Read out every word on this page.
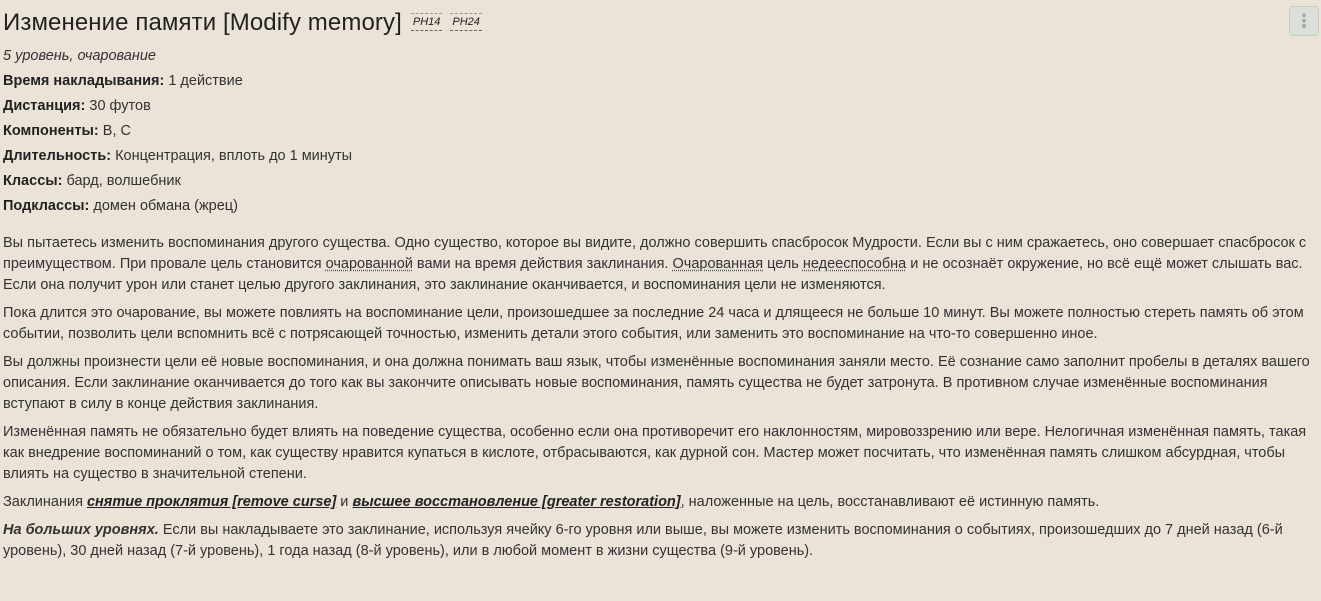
Изменение памяти [Modify memory] PH14 PH24	⋮
5 уровень, очарование
Время накладывания: 1 действие
Дистанция: 30 футов
Компоненты: В, С
Длительность: Концентрация, вплоть до 1 минуты
Классы: бард, волшебник
Подклассы: домен обмана (жрец)

Вы пытаетесь изменить воспоминания другого существа. Одно существо, которое вы видите, должно совершить спасбросок Мудрости. Если вы с ним сражаетесь, оно совершает спасбросок с преимуществом. При провале цель становится очарованной вами на время действия заклинания. Очарованная цель недееспособна и не осознаёт окружение, но всё ещё может слышать вас. Если она получит урон или станет целью другого заклинания, это заклинание оканчивается, и воспоминания цели не изменяются.

Пока длится это очарование, вы можете повлиять на воспоминание цели, произошедшее за последние 24 часа и длящееся не больше 10 минут. Вы можете полностью стереть память об этом событии, позволить цели вспомнить всё с потрясающей точностью, изменить детали этого события, или заменить это воспоминание на что-то совершенно иное.

Вы должны произнести цели её новые воспоминания, и она должна понимать ваш язык, чтобы изменённые воспоминания заняли место. Её сознание само заполнит пробелы в деталях вашего описания. Если заклинание оканчивается до того как вы закончите описывать новые воспоминания, память существа не будет затронута. В противном случае изменённые воспоминания вступают в силу в конце действия заклинания.

Изменённая память не обязательно будет влиять на поведение существа, особенно если она противоречит его наклонностям, мировоззрению или вере. Нелогичная изменённая память, такая как внедрение воспоминаний о том, как существу нравится купаться в кислоте, отбрасываются, как дурной сон. Мастер может посчитать, что изменённая память слишком абсурдная, чтобы влиять на существо в значительной степени.

Заклинания снятие проклятия [remove curse] и высшее восстановление [greater restoration], наложенные на цель, восстанавливают её истинную память.

На больших уровнях. Если вы накладываете это заклинание, используя ячейку 6-го уровня или выше, вы можете изменить воспоминания о событиях, произошедших до 7 дней назад (6-й уровень), 30 дней назад (7-й уровень), 1 года назад (8-й уровень), или в любой момент в жизни существа (9-й уровень).
